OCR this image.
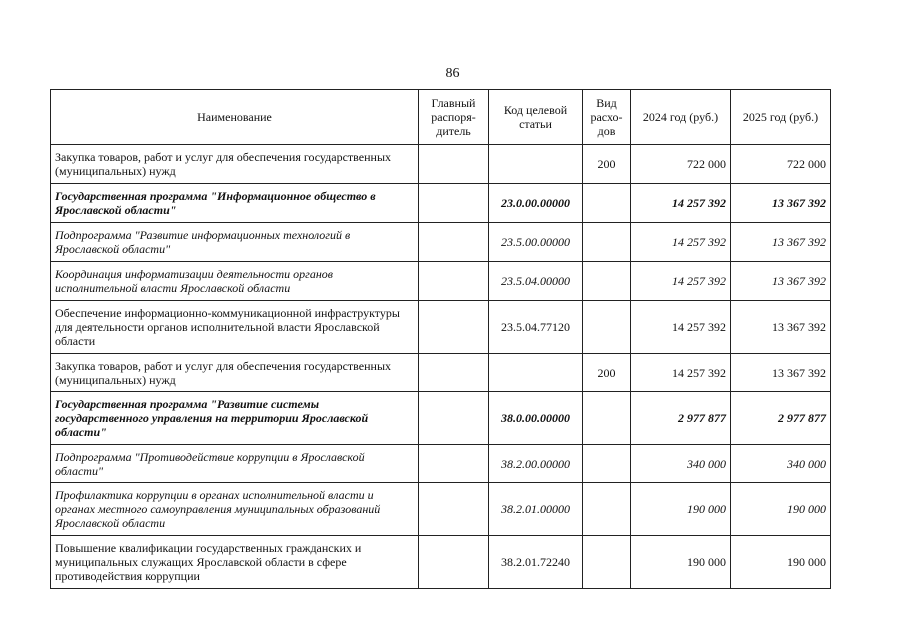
86
Наименование	Главный распоря-дитель	Код целевой статьи	Вид расхо-дов	2024 год (руб.)	2025 год (руб.)
Закупка товаров, работ и услуг для обеспечения государственных (муниципальных) нужд			200	722 000	722 000
Государственная программа "Информационное общество в Ярославской области"		23.0.00.00000		14 257 392	13 367 392
Подпрограмма "Развитие информационных технологий в Ярославской области"		23.5.00.00000		14 257 392	13 367 392
Координация информатизации деятельности органов исполнительной власти Ярославской области		23.5.04.00000		14 257 392	13 367 392
Обеспечение информационно-коммуникационной инфраструктуры для деятельности органов исполнительной власти Ярославской области		23.5.04.77120		14 257 392	13 367 392
Закупка товаров, работ и услуг для обеспечения государственных (муниципальных) нужд			200	14 257 392	13 367 392
Государственная программа "Развитие системы государственного управления на территории Ярославской области"		38.0.00.00000		2 977 877	2 977 877
Подпрограмма "Противодействие коррупции в Ярославской области"		38.2.00.00000		340 000	340 000
Профилактика коррупции в органах исполнительной власти и органах местного самоуправления муниципальных образований Ярославской области		38.2.01.00000		190 000	190 000
Повышение квалификации государственных гражданских и муниципальных служащих Ярославской области в сфере противодействия коррупции		38.2.01.72240		190 000	190 000
